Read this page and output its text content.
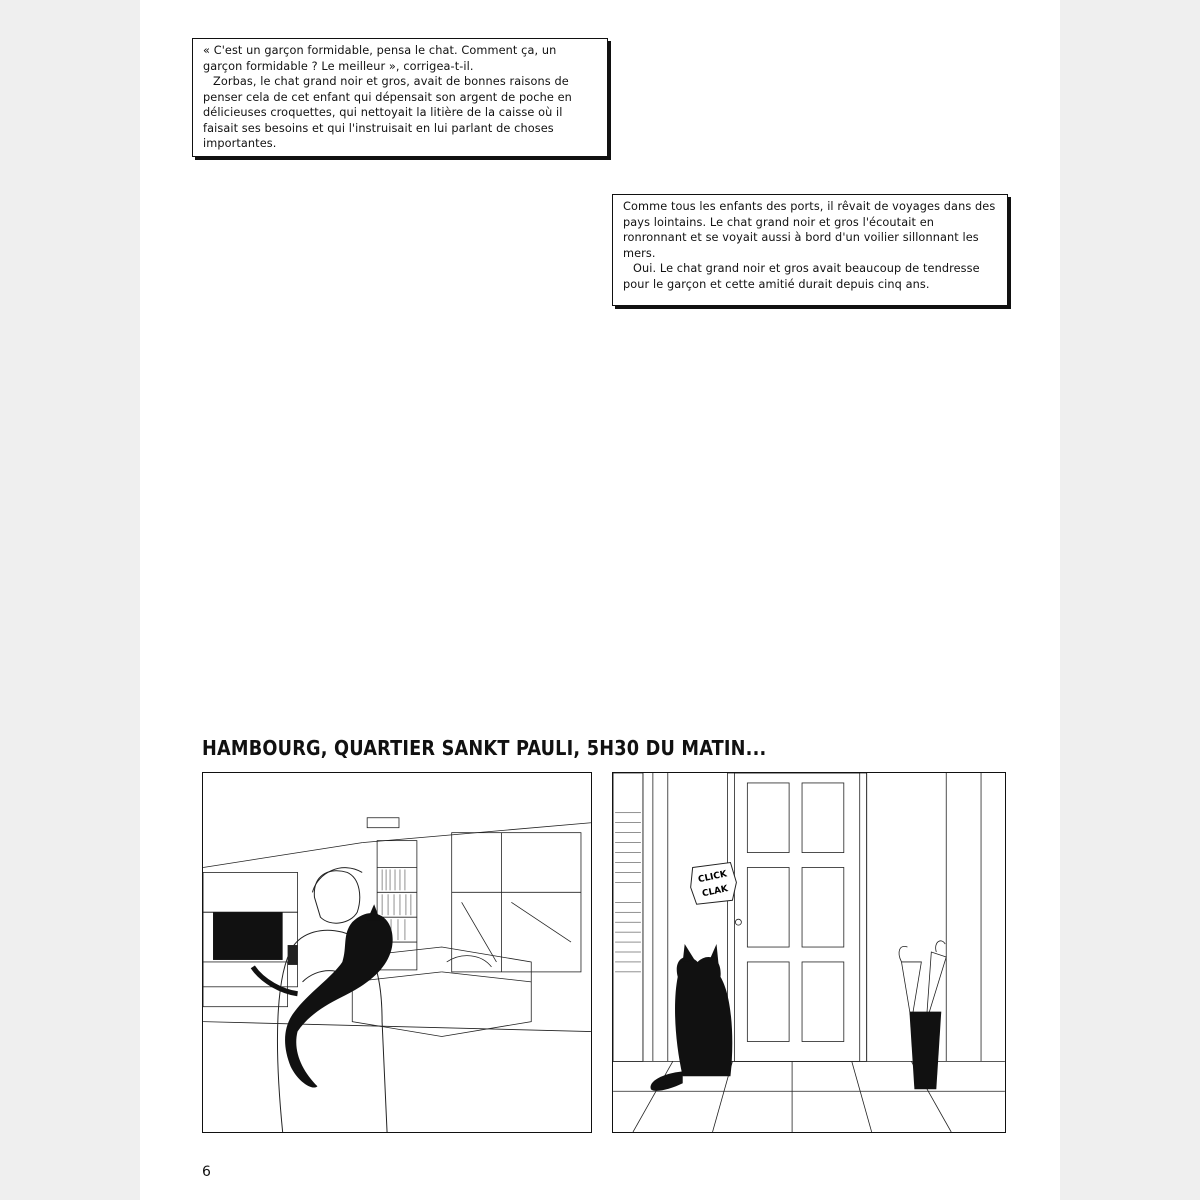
« C'est un garçon formidable, pensa le chat. Comment ça, un garçon formidable ? Le meilleur », corrigea-t-il.

Zorbas, le chat grand noir et gros, avait de bonnes raisons de penser cela de cet enfant qui dépensait son argent de poche en délicieuses croquettes, qui nettoyait la litière de la caisse où il faisait ses besoins et qui l'instruisait en lui parlant de choses importantes.

Comme tous les enfants des ports, il rêvait de voyages dans des pays lointains. Le chat grand noir et gros l'écoutait en ronronnant et se voyait aussi à bord d'un voilier sillonnant les mers.

Oui. Le chat grand noir et gros avait beaucoup de tendresse pour le garçon et cette amitié durait depuis cinq ans.

HAMBOURG, QUARTIER SANKT PAULI, 5H30 DU MATIN...
CLICK
CLAK
6
